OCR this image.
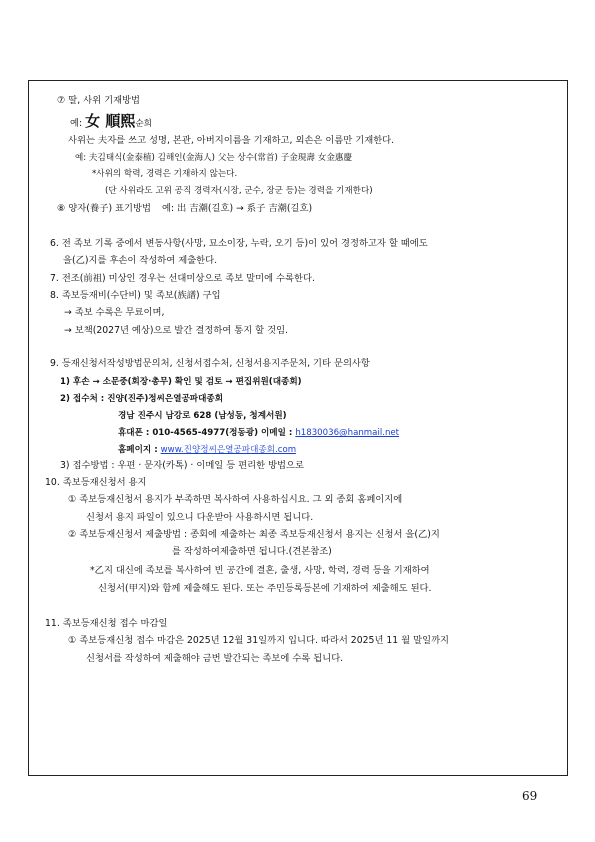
⑦ 딸, 사위 기재방법
예: 女 順熙순희
사위는 夫자를 쓰고 성명, 본관, 아버지이름을 기재하고, 외손은 이름만 기재한다.
예: 夫김태식(金泰植) 김해인(金海人) 父는 상수(常首) 子金現壽 女金惠慶
*사위의 학력, 경력은 기재하지 않는다.
(단 사위라도 고위 공직 경력자(시장, 군수, 장군 등)는 경력을 기재한다)
⑧ 양자(養子) 표기방법 예: 出 吉潮(길호) → 系子 吉潮(길호)
6. 전 족보 기록 중에서 변동사항(사망, 묘소이장, 누락, 오기 등)이 있어 경정하고자 할 때에도
을(乙)지를 후손이 작성하여 제출한다.
7. 전조(前祖) 미상인 경우는 선대미상으로 족보 말미에 수록한다.
8. 족보등재비(수단비) 및 족보(族譜) 구입
→ 족보 수록은 무료이며,
→ 보책(2027년 예상)으로 발간 결정하여 통지 할 것임.
9. 등재신청서작성방법문의처, 신청서접수처, 신청서용지주문처, 기타 문의사항
1) 후손 → 소문중(회장·총무) 확인 및 검토 → 편집위원(대종회)
2) 접수처 : 진양(진주)정씨은열공파대종회
경남 진주시 남강로 628 (남성동, 청계서원)
휴대폰 : 010-4565-4977(정동광) 이메일 : h1830036@hanmail.net
홈페이지 : www.진양정씨은열공파대종회.com
3) 접수방법 : 우편 · 문자(카톡) · 이메일 등 편리한 방법으로
10. 족보등재신청서 용지
① 족보등재신청서 용지가 부족하면 복사하여 사용하십시요. 그 외 종회 홈페이지에
신청서 용지 파일이 있으니 다운받아 사용하시면 됩니다.
② 족보등재신청서 제출방법 : 종회에 제출하는 최종 족보등재신청서 용지는 신청서 을(乙)지
를 작성하여제출하면 됩니다.(견본참조)
*乙지 대신에 족보를 복사하여 빈 공간에 결혼, 출생, 사망, 학력, 경력 등을 기재하여
신청서(甲지)와 함께 제출해도 된다. 또는 주민등록등본에 기재하여 제출해도 된다.
11. 족보등재신청 접수 마감일
① 족보등재신청 접수 마감은 2025년 12월 31일까지 입니다. 따라서 2025년 11 월 말일까지
신청서를 작성하여 제출해야 금번 발간되는 족보에 수록 됩니다.
69
